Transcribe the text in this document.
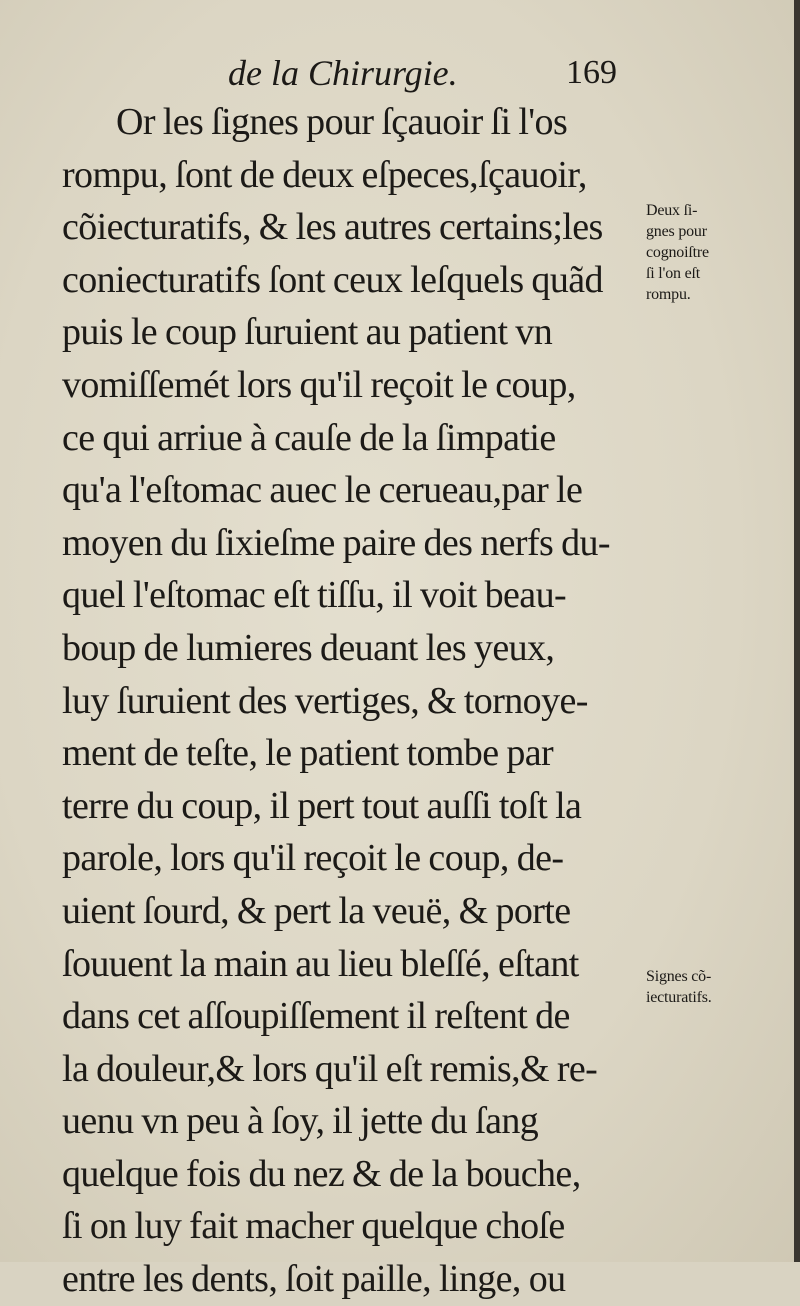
de la Chirurgie.	169
Or les ſignes pour ſçauoir ſi l'os
rompu, ſont de deux eſpeces,ſçauoir,
cõiecturatifs, & les autres certains;les
coniecturatifs ſont ceux leſquels quãd
puis le coup ſuruient au patient vn
vomiſſemét lors qu'il reçoit le coup,
ce qui arriue à cauſe de la ſimpatie
qu'a l'eſtomac auec le cerueau,par le
moyen du ſixieſme paire des nerfs du-
quel l'eſtomac eſt tiſſu, il voit beau-
boup de lumieres deuant les yeux,
luy ſuruient des vertiges, & tornoye-
ment de teſte, le patient tombe par
terre du coup, il pert tout auſſi toſt la
parole, lors qu'il reçoit le coup, de-
uient ſourd, & pert la veuë, & porte
ſouuent la main au lieu bleſſé, eſtant
dans cet aſſoupiſſement il reſtent de
la douleur,& lors qu'il eſt remis,& re-
uenu vn peu à ſoy, il jette du ſang
quelque fois du nez & de la bouche,
ſi on luy fait macher quelque choſe
entre les dents, ſoit paille, linge, ou
Deux ſi-
gnes pour
cognoiſtre
ſi l'on eſt
rompu.
Signes cõ-
iecturatifs.
